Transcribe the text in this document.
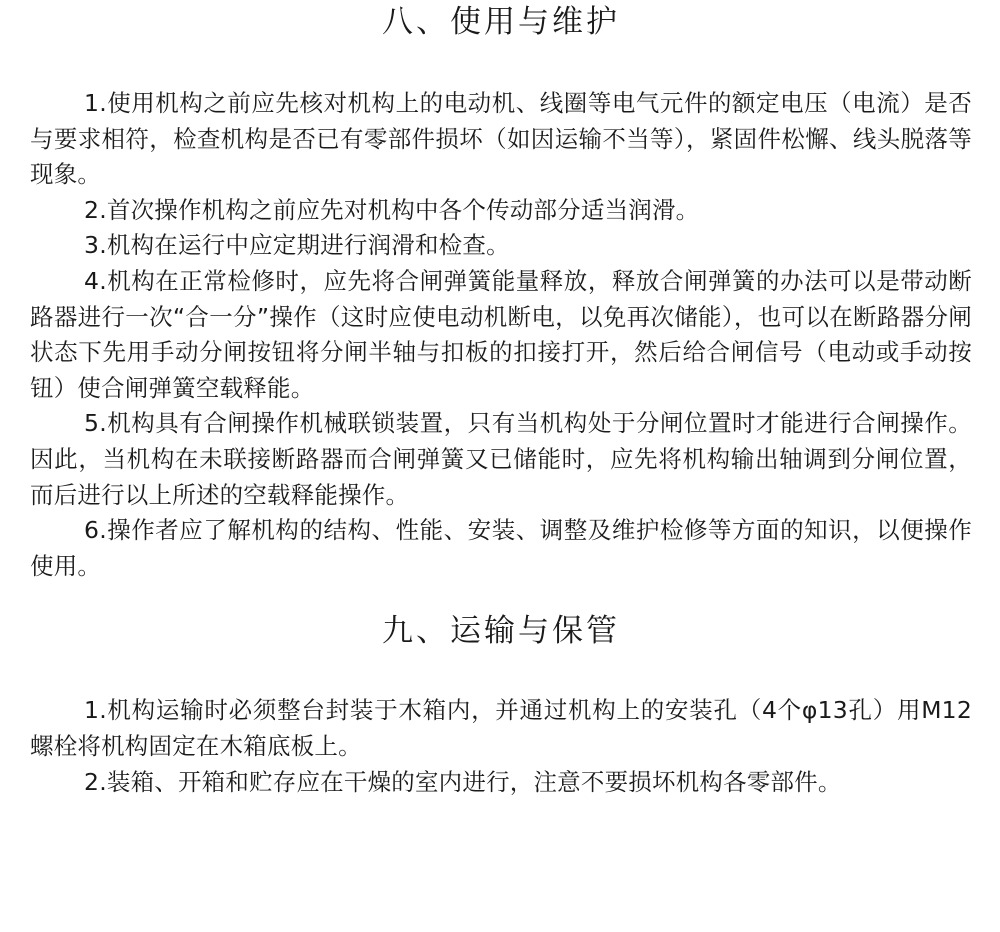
八、使用与维护

1.使用机构之前应先核对机构上的电动机、线圈等电气元件的额定电压（电流）是否与要求相符，检查机构是否已有零部件损坏（如因运输不当等），紧固件松懈、线头脱落等现象。

2.首次操作机构之前应先对机构中各个传动部分适当润滑。

3.机构在运行中应定期进行润滑和检查。

4.机构在正常检修时，应先将合闸弹簧能量释放，释放合闸弹簧的办法可以是带动断路器进行一次“合一分”操作（这时应使电动机断电，以免再次储能），也可以在断路器分闸状态下先用手动分闸按钮将分闸半轴与扣板的扣接打开，然后给合闸信号（电动或手动按钮）使合闸弹簧空载释能。

5.机构具有合闸操作机械联锁装置，只有当机构处于分闸位置时才能进行合闸操作。因此，当机构在未联接断路器而合闸弹簧又已储能时，应先将机构输出轴调到分闸位置，而后进行以上所述的空载释能操作。

6.操作者应了解机构的结构、性能、安装、调整及维护检修等方面的知识，以便操作使用。

九、运输与保管

1.机构运输时必须整台封装于木箱内，并通过机构上的安装孔（4个φ13孔）用M12螺栓将机构固定在木箱底板上。

2.装箱、开箱和贮存应在干燥的室内进行，注意不要损坏机构各零部件。
